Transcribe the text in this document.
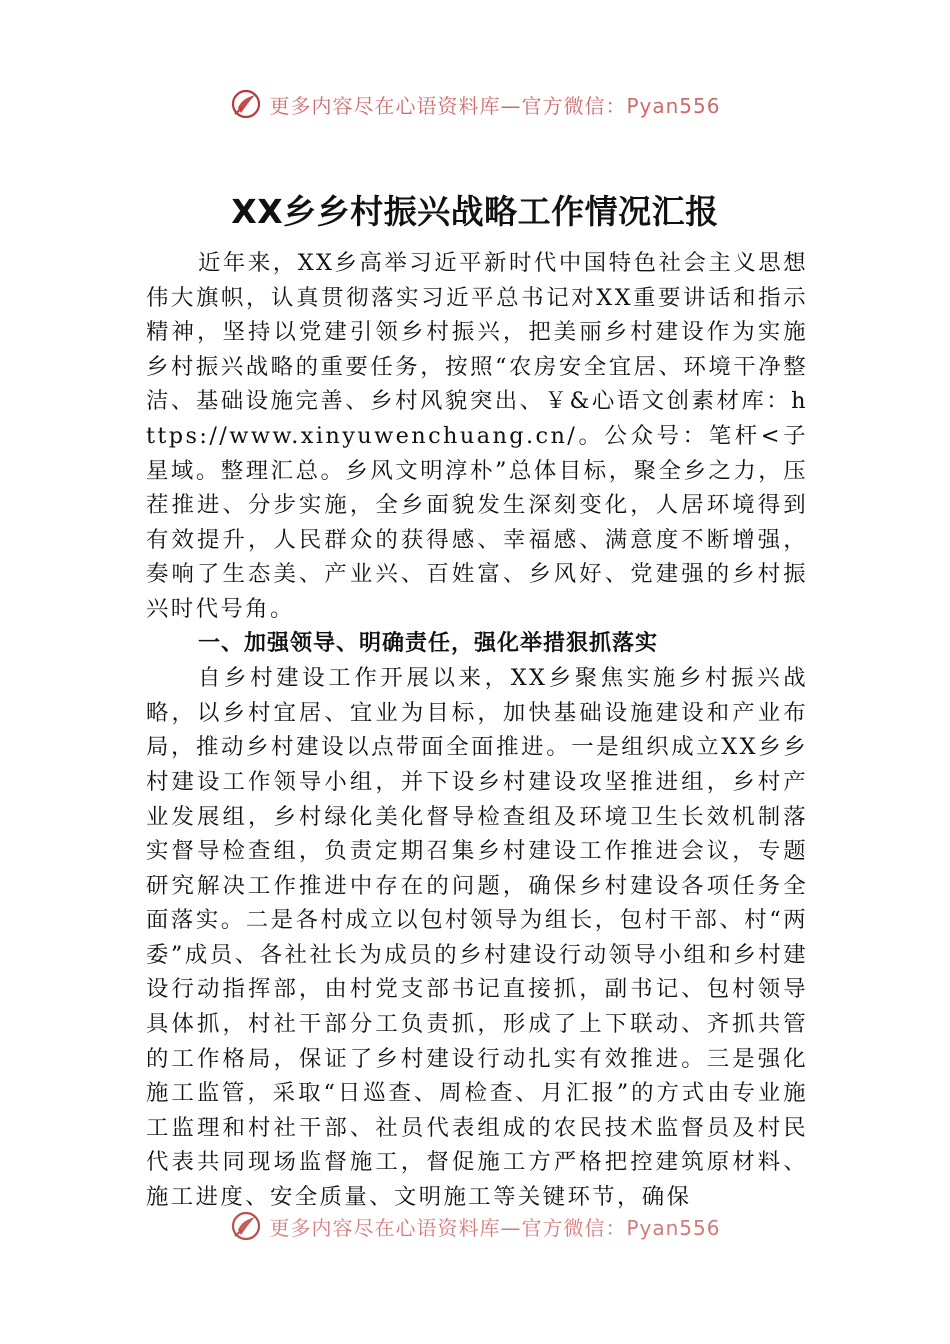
更多内容尽在心语资料库—官方微信：Pyan556
XX乡乡村振兴战略工作情况汇报

近年来，XX乡高举习近平新时代中国特色社会主义思想伟大旗帜，认真贯彻落实习近平总书记对XX重要讲话和指示精神，坚持以党建引领乡村振兴，把美丽乡村建设作为实施乡村振兴战略的重要任务，按照“农房安全宜居、环境干净整洁、基础设施完善、乡村风貌突出、￥&心语文创素材库：https://www.xinyuwenchuang.cn/。公众号：笔杆<子星域。整理汇总。乡风文明淳朴”总体目标，聚全乡之力，压茬推进、分步实施，全乡面貌发生深刻变化，人居环境得到有效提升，人民群众的获得感、幸福感、满意度不断增强，奏响了生态美、产业兴、百姓富、乡风好、党建强的乡村振兴时代号角。

一、加强领导、明确责任，强化举措狠抓落实

自乡村建设工作开展以来，XX乡聚焦实施乡村振兴战略，以乡村宜居、宜业为目标，加快基础设施建设和产业布局，推动乡村建设以点带面全面推进。一是组织成立XX乡乡村建设工作领导小组，并下设乡村建设攻坚推进组，乡村产业发展组，乡村绿化美化督导检查组及环境卫生长效机制落实督导检查组，负责定期召集乡村建设工作推进会议，专题研究解决工作推进中存在的问题，确保乡村建设各项任务全面落实。二是各村成立以包村领导为组长，包村干部、村“两委”成员、各社社长为成员的乡村建设行动领导小组和乡村建设行动指挥部，由村党支部书记直接抓，副书记、包村领导具体抓，村社干部分工负责抓，形成了上下联动、齐抓共管的工作格局，保证了乡村建设行动扎实有效推进。三是强化施工监管，采取“日巡查、周检查、月汇报”的方式由专业施工监理和村社干部、社员代表组成的农民技术监督员及村民代表共同现场监督施工，督促施工方严格把控建筑原材料、施工进度、安全质量、文明施工等关键环节，确保

更多内容尽在心语资料库—官方微信：Pyan556
